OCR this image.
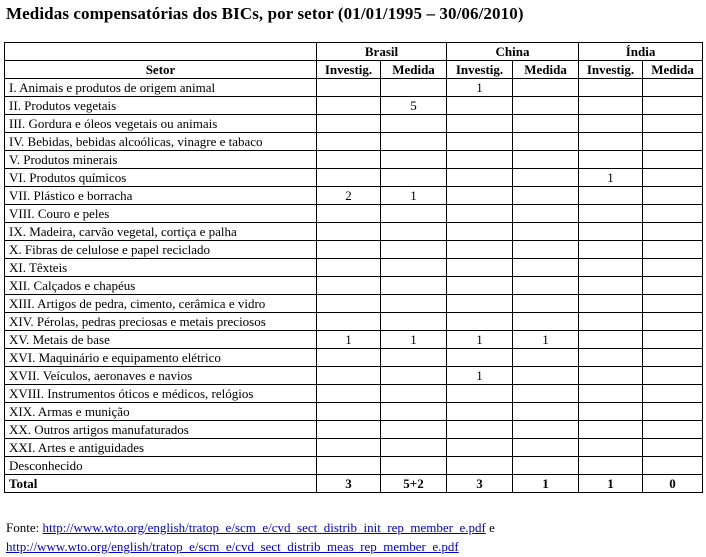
Medidas compensatórias dos BICs, por setor (01/01/1995 – 30/06/2010)
	Brasil		China		Índia	
Setor	Investig.	Medida	Investig.	Medida	Investig.	Medida
I. Animais e produtos de origem animal			1			
II. Produtos vegetais		5				
III. Gordura e óleos vegetais ou animais						
IV. Bebidas, bebidas alcoólicas, vinagre e tabaco						
V. Produtos minerais						
VI. Produtos químicos					1	
VII. Plástico e borracha	2	1				
VIII. Couro e peles						
IX. Madeira, carvão vegetal, cortiça e palha						
X. Fibras de celulose e papel reciclado						
XI. Têxteis						
XII. Calçados e chapéus						
XIII. Artigos de pedra, cimento, cerâmica e vidro						
XIV. Pérolas, pedras preciosas e metais preciosos						
XV. Metais de base	1	1	1	1		
XVI. Maquinário e equipamento elétrico						
XVII. Veículos, aeronaves e navios			1			
XVIII. Instrumentos óticos e médicos, relógios						
XIX. Armas e munição						
XX. Outros artigos manufaturados						
XXI. Artes e antiguidades						
Desconhecido						
Total	3	5+2	3	1	1	0
Fonte: http://www.wto.org/english/tratop_e/scm_e/cvd_sect_distrib_init_rep_member_e.pdf e
http://www.wto.org/english/tratop_e/scm_e/cvd_sect_distrib_meas_rep_member_e.pdf
